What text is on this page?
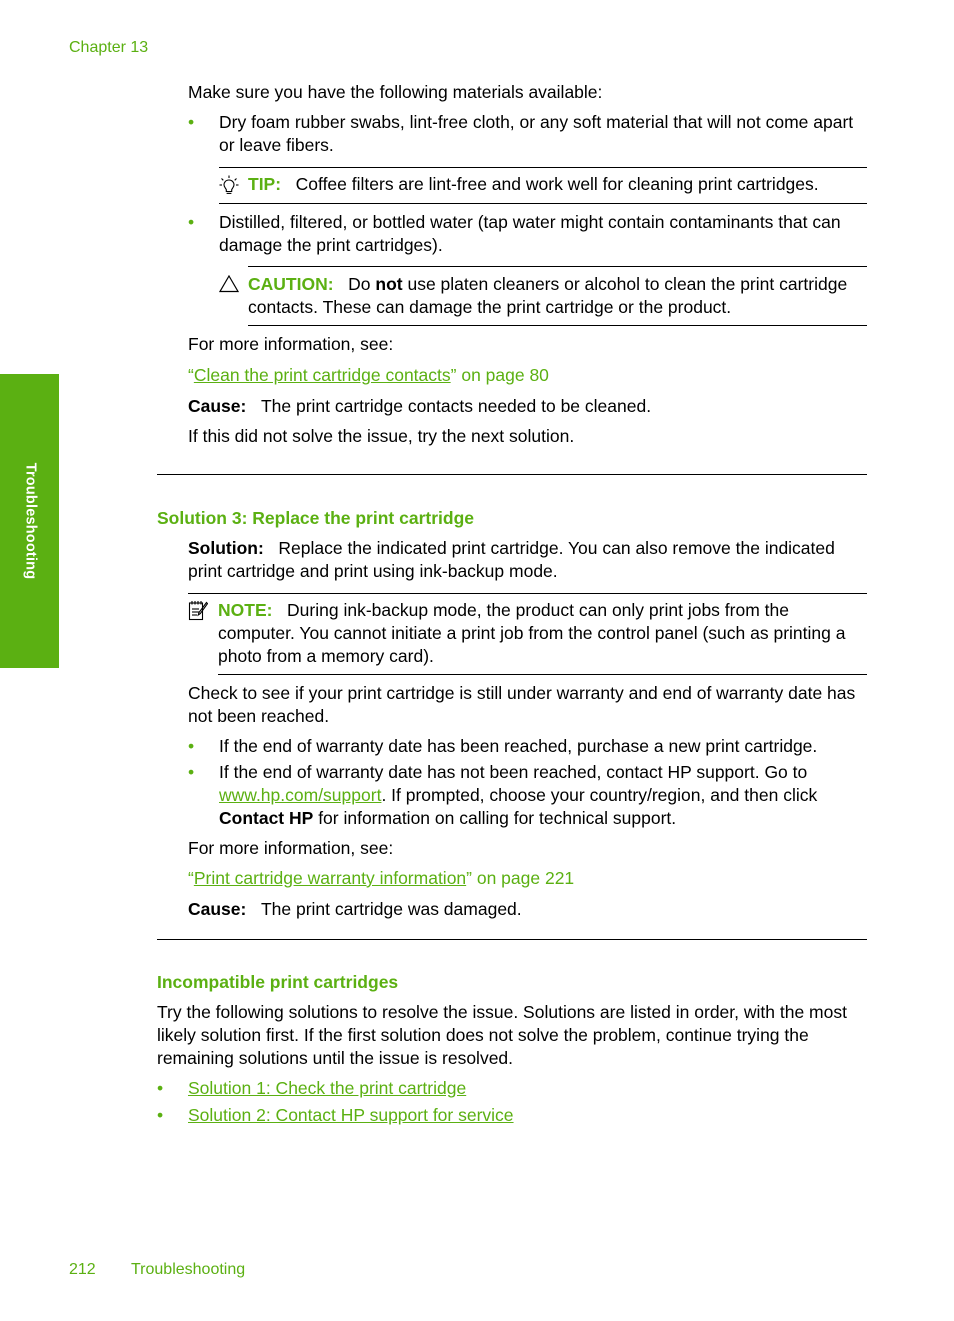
Chapter 13
Troubleshooting
Make sure you have the following materials available:
• Dry foam rubber swabs, lint-free cloth, or any soft material that will not come apart or leave fibers.
TIP: Coffee filters are lint-free and work well for cleaning print cartridges.
• Distilled, filtered, or bottled water (tap water might contain contaminants that can damage the print cartridges).
CAUTION: Do not use platen cleaners or alcohol to clean the print cartridge contacts. These can damage the print cartridge or the product.
For more information, see:
“Clean the print cartridge contacts” on page 80
Cause: The print cartridge contacts needed to be cleaned.
If this did not solve the issue, try the next solution.
Solution 3: Replace the print cartridge
Solution: Replace the indicated print cartridge. You can also remove the indicated print cartridge and print using ink-backup mode.
NOTE: During ink-backup mode, the product can only print jobs from the computer. You cannot initiate a print job from the control panel (such as printing a photo from a memory card).
Check to see if your print cartridge is still under warranty and end of warranty date has not been reached.
• If the end of warranty date has been reached, purchase a new print cartridge.
• If the end of warranty date has not been reached, contact HP support. Go to www.hp.com/support. If prompted, choose your country/region, and then click Contact HP for information on calling for technical support.
For more information, see:
“Print cartridge warranty information” on page 221
Cause: The print cartridge was damaged.
Incompatible print cartridges
Try the following solutions to resolve the issue. Solutions are listed in order, with the most likely solution first. If the first solution does not solve the problem, continue trying the remaining solutions until the issue is resolved.
• Solution 1: Check the print cartridge
• Solution 2: Contact HP support for service
212 Troubleshooting
